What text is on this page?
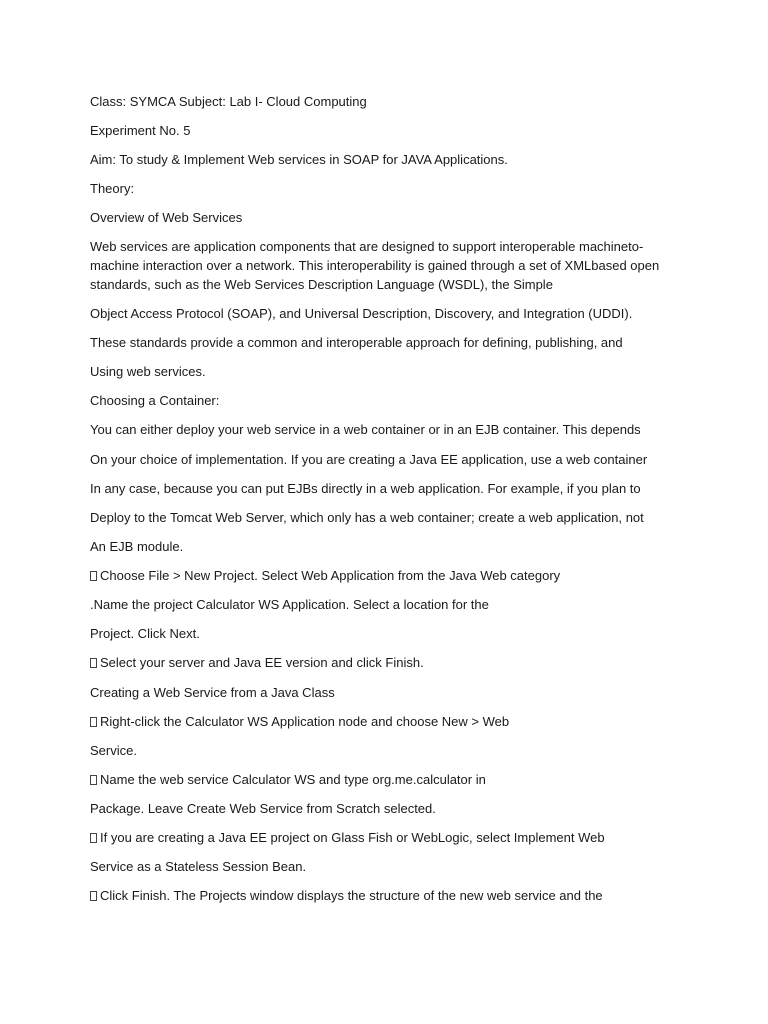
Class: SYMCA Subject: Lab I- Cloud Computing
Experiment No. 5
Aim: To study & Implement Web services in SOAP for JAVA Applications.
Theory:
Overview of Web Services
Web services are application components that are designed to support interoperable machineto-machine interaction over a network. This interoperability is gained through a set of XMLbased open standards, such as the Web Services Description Language (WSDL), the Simple
Object Access Protocol (SOAP), and Universal Description, Discovery, and Integration (UDDI).
These standards provide a common and interoperable approach for defining, publishing, and
Using web services.
Choosing a Container:
You can either deploy your web service in a web container or in an EJB container. This depends
On your choice of implementation. If you are creating a Java EE application, use a web container
In any case, because you can put EJBs directly in a web application. For example, if you plan to
Deploy to the Tomcat Web Server, which only has a web container; create a web application, not
An EJB module.
Choose File > New Project. Select Web Application from the Java Web category
.Name the project Calculator WS Application. Select a location for the
Project. Click Next.
Select your server and Java EE version and click Finish.
Creating a Web Service from a Java Class
Right-click the Calculator WS Application node and choose New > Web
Service.
Name the web service Calculator WS and type org.me.calculator in
Package. Leave Create Web Service from Scratch selected.
If you are creating a Java EE project on Glass Fish or WebLogic, select Implement Web
Service as a Stateless Session Bean.
Click Finish. The Projects window displays the structure of the new web service and the
